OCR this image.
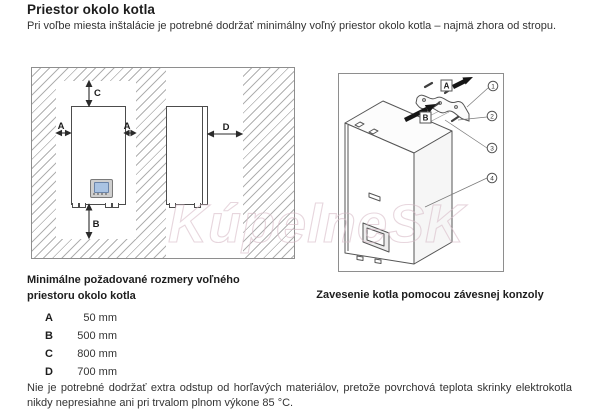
Priestor okolo kotla
Pri voľbe miesta inštalácie je potrebné dodržať minimálny voľný priestor okolo kotla – najmä zhora od stropu.
C
A	A
B
D
A
B
1
2
3
4
KúpelneSK
Minimálne požadované rozmery voľného priestoru okolo kotla	Zavesenie kotla pomocou závesnej konzoly
A	50 mm
B	500 mm
C	800 mm
D	700 mm
Nie je potrebné dodržať extra odstup od horľavých materiálov, pretože povrchová teplota skrinky elektrokotla nikdy nepresiahne ani pri trvalom plnom výkone 85 °C.
